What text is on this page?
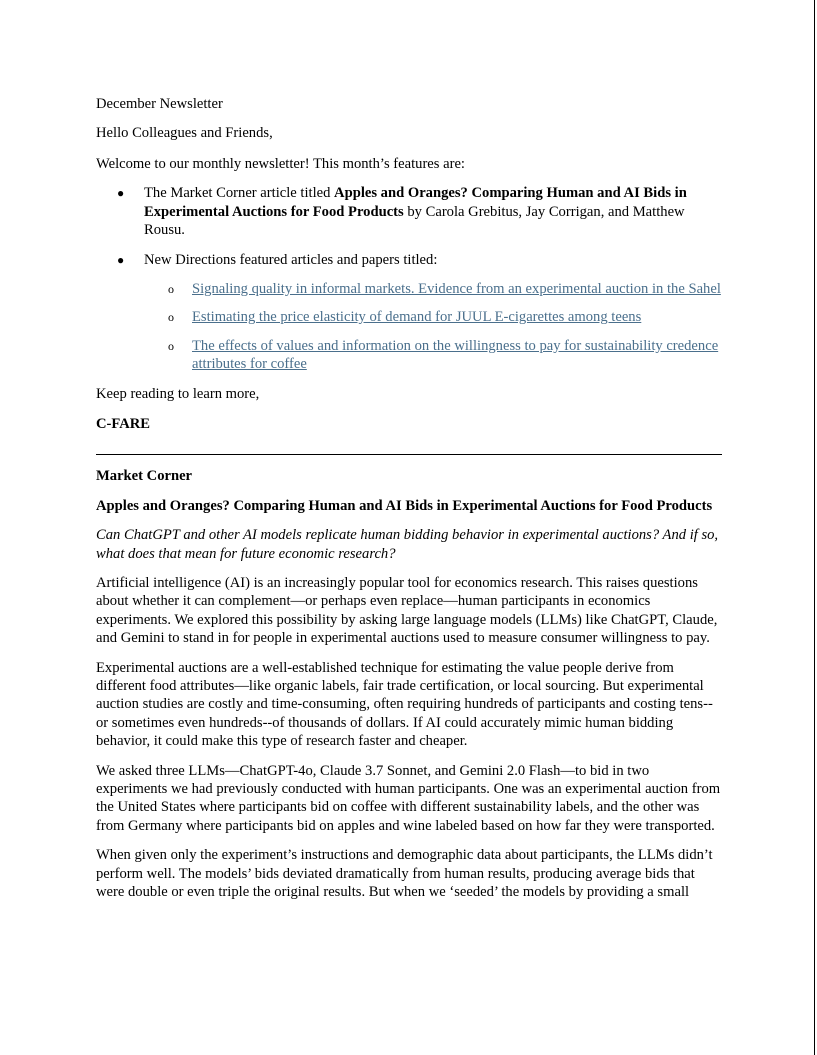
December Newsletter

Hello Colleagues and Friends,

Welcome to our monthly newsletter! This month’s features are:

● The Market Corner article titled Apples and Oranges? Comparing Human and AI Bids in Experimental Auctions for Food Products by Carola Grebitus, Jay Corrigan, and Matthew Rousu.
● New Directions featured articles and papers titled:
o Signaling quality in informal markets. Evidence from an experimental auction in the Sahel
o Estimating the price elasticity of demand for JUUL E-cigarettes among teens
o The effects of values and information on the willingness to pay for sustainability credence attributes for coffee

Keep reading to learn more,

C-FARE

Market Corner

Apples and Oranges? Comparing Human and AI Bids in Experimental Auctions for Food Products

Can ChatGPT and other AI models replicate human bidding behavior in experimental auctions? And if so, what does that mean for future economic research?

Artificial intelligence (AI) is an increasingly popular tool for economics research. This raises questions about whether it can complement—or perhaps even replace—human participants in economics experiments. We explored this possibility by asking large language models (LLMs) like ChatGPT, Claude, and Gemini to stand in for people in experimental auctions used to measure consumer willingness to pay.

Experimental auctions are a well-established technique for estimating the value people derive from different food attributes—like organic labels, fair trade certification, or local sourcing. But experimental auction studies are costly and time-consuming, often requiring hundreds of participants and costing tens--or sometimes even hundreds--of thousands of dollars. If AI could accurately mimic human bidding behavior, it could make this type of research faster and cheaper.

We asked three LLMs—ChatGPT-4o, Claude 3.7 Sonnet, and Gemini 2.0 Flash—to bid in two experiments we had previously conducted with human participants. One was an experimental auction from the United States where participants bid on coffee with different sustainability labels, and the other was from Germany where participants bid on apples and wine labeled based on how far they were transported.

When given only the experiment’s instructions and demographic data about participants, the LLMs didn’t perform well. The models’ bids deviated dramatically from human results, producing average bids that were double or even triple the original results. But when we ‘seeded’ the models by providing a small
